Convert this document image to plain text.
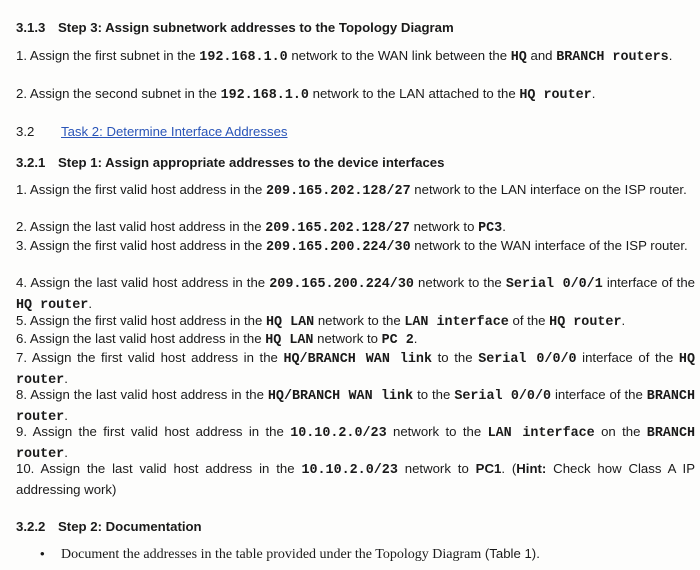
3.1.3 Step 3: Assign subnetwork addresses to the Topology Diagram
1. Assign the first subnet in the 192.168.1.0 network to the WAN link between the HQ and BRANCH routers.
2. Assign the second subnet in the 192.168.1.0 network to the LAN attached to the HQ router.
3.2 Task 2: Determine Interface Addresses
3.2.1 Step 1: Assign appropriate addresses to the device interfaces
1. Assign the first valid host address in the 209.165.202.128/27 network to the LAN interface on the ISP router.
2. Assign the last valid host address in the 209.165.202.128/27 network to PC3.
3. Assign the first valid host address in the 209.165.200.224/30 network to the WAN interface of the ISP router.
4. Assign the last valid host address in the 209.165.200.224/30 network to the Serial 0/0/1 interface of the HQ router.
5. Assign the first valid host address in the HQ LAN network to the LAN interface of the HQ router.
6. Assign the last valid host address in the HQ LAN network to PC 2.
7. Assign the first valid host address in the HQ/BRANCH WAN link to the Serial 0/0/0 interface of the HQ router.
8. Assign the last valid host address in the HQ/BRANCH WAN link to the Serial 0/0/0 interface of the BRANCH router.
9. Assign the first valid host address in the 10.10.2.0/23 network to the LAN interface on the BRANCH router.
10. Assign the last valid host address in the 10.10.2.0/23 network to PC1. (Hint: Check how Class A IP addressing work)
3.2.2 Step 2: Documentation
• Document the addresses in the table provided under the Topology Diagram (Table 1).
